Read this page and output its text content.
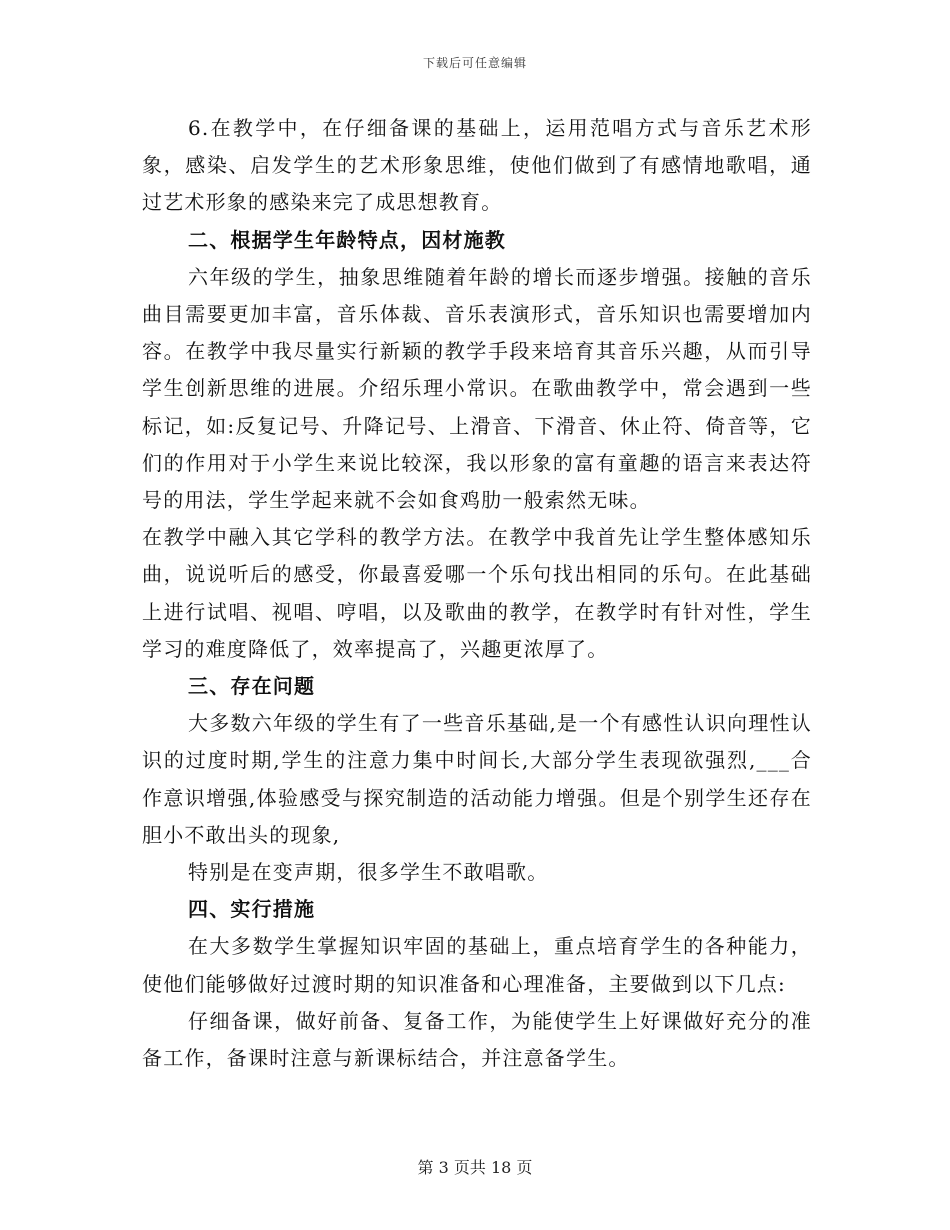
下载后可任意编辑

6.在教学中，在仔细备课的基础上，运用范唱方式与音乐艺术形象，感染、启发学生的艺术形象思维，使他们做到了有感情地歌唱，通过艺术形象的感染来完了成思想教育。

二、根据学生年龄特点，因材施教

六年级的学生，抽象思维随着年龄的增长而逐步增强。接触的音乐曲目需要更加丰富，音乐体裁、音乐表演形式，音乐知识也需要增加内容。在教学中我尽量实行新颖的教学手段来培育其音乐兴趣，从而引导学生创新思维的进展。介绍乐理小常识。在歌曲教学中，常会遇到一些标记，如:反复记号、升降记号、上滑音、下滑音、休止符、倚音等，它们的作用对于小学生来说比较深，我以形象的富有童趣的语言来表达符号的用法，学生学起来就不会如食鸡肋一般索然无味。

在教学中融入其它学科的教学方法。在教学中我首先让学生整体感知乐曲，说说听后的感受，你最喜爱哪一个乐句找出相同的乐句。在此基础上进行试唱、视唱、哼唱，以及歌曲的教学，在教学时有针对性，学生学习的难度降低了，效率提高了，兴趣更浓厚了。

三、存在问题

大多数六年级的学生有了一些音乐基础,是一个有感性认识向理性认识的过度时期,学生的注意力集中时间长,大部分学生表现欲强烈,___合作意识增强,体验感受与探究制造的活动能力增强。但是个别学生还存在胆小不敢出头的现象,

特别是在变声期，很多学生不敢唱歌。

四、实行措施

在大多数学生掌握知识牢固的基础上，重点培育学生的各种能力，使他们能够做好过渡时期的知识准备和心理准备，主要做到以下几点:

仔细备课，做好前备、复备工作，为能使学生上好课做好充分的准备工作，备课时注意与新课标结合，并注意备学生。

第 3 页共 18 页
